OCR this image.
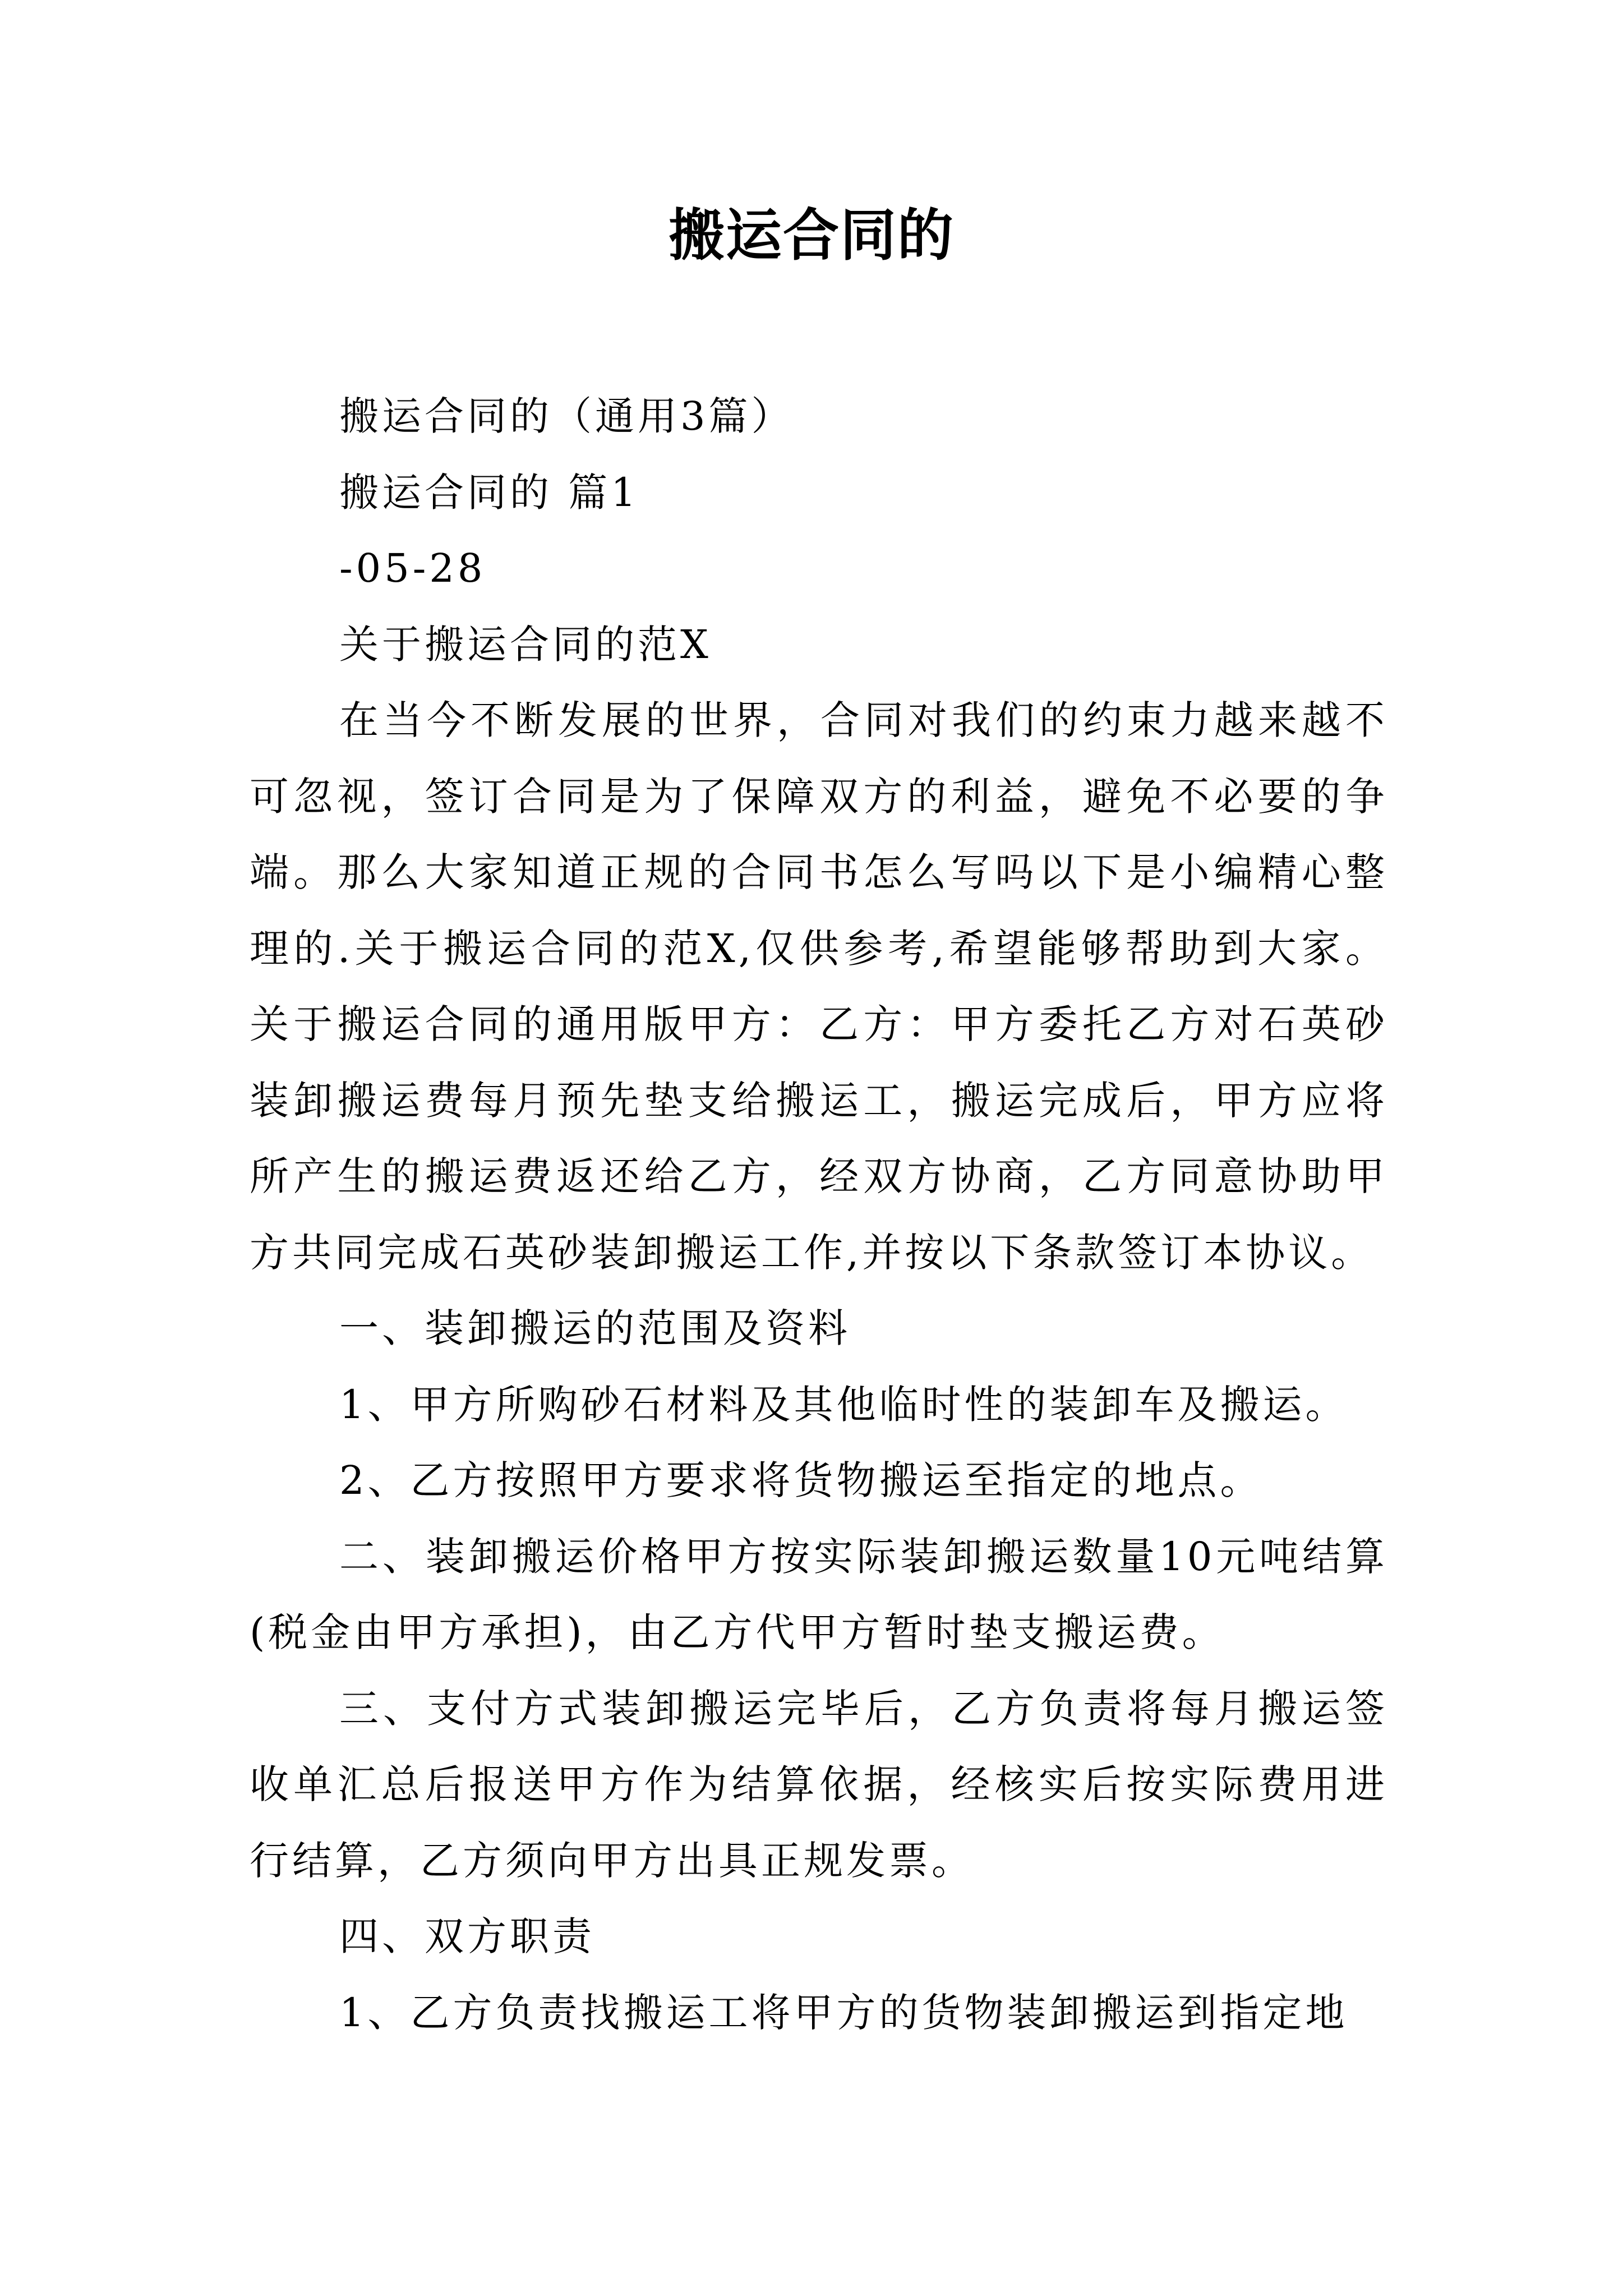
搬运合同的

搬运合同的（通用3篇）

搬运合同的 篇1

-05-28

关于搬运合同的范X

在当今不断发展的世界，合同对我们的约束力越来越不可忽视，签订合同是为了保障双方的利益，避免不必要的争端。那么大家知道正规的合同书怎么写吗以下是小编精心整理的.关于搬运合同的范X,仅供参考,希望能够帮助到大家。关于搬运合同的通用版甲方：乙方：甲方委托乙方对石英砂装卸搬运费每月预先垫支给搬运工，搬运完成后，甲方应将所产生的搬运费返还给乙方，经双方协商，乙方同意协助甲方共同完成石英砂装卸搬运工作,并按以下条款签订本协议。

一、装卸搬运的范围及资料

1、甲方所购砂石材料及其他临时性的装卸车及搬运。

2、乙方按照甲方要求将货物搬运至指定的地点。

二、装卸搬运价格甲方按实际装卸搬运数量10元吨结算(税金由甲方承担)，由乙方代甲方暂时垫支搬运费。

三、支付方式装卸搬运完毕后，乙方负责将每月搬运签收单汇总后报送甲方作为结算依据，经核实后按实际费用进行结算，乙方须向甲方出具正规发票。

四、双方职责

1、乙方负责找搬运工将甲方的货物装卸搬运到指定地
